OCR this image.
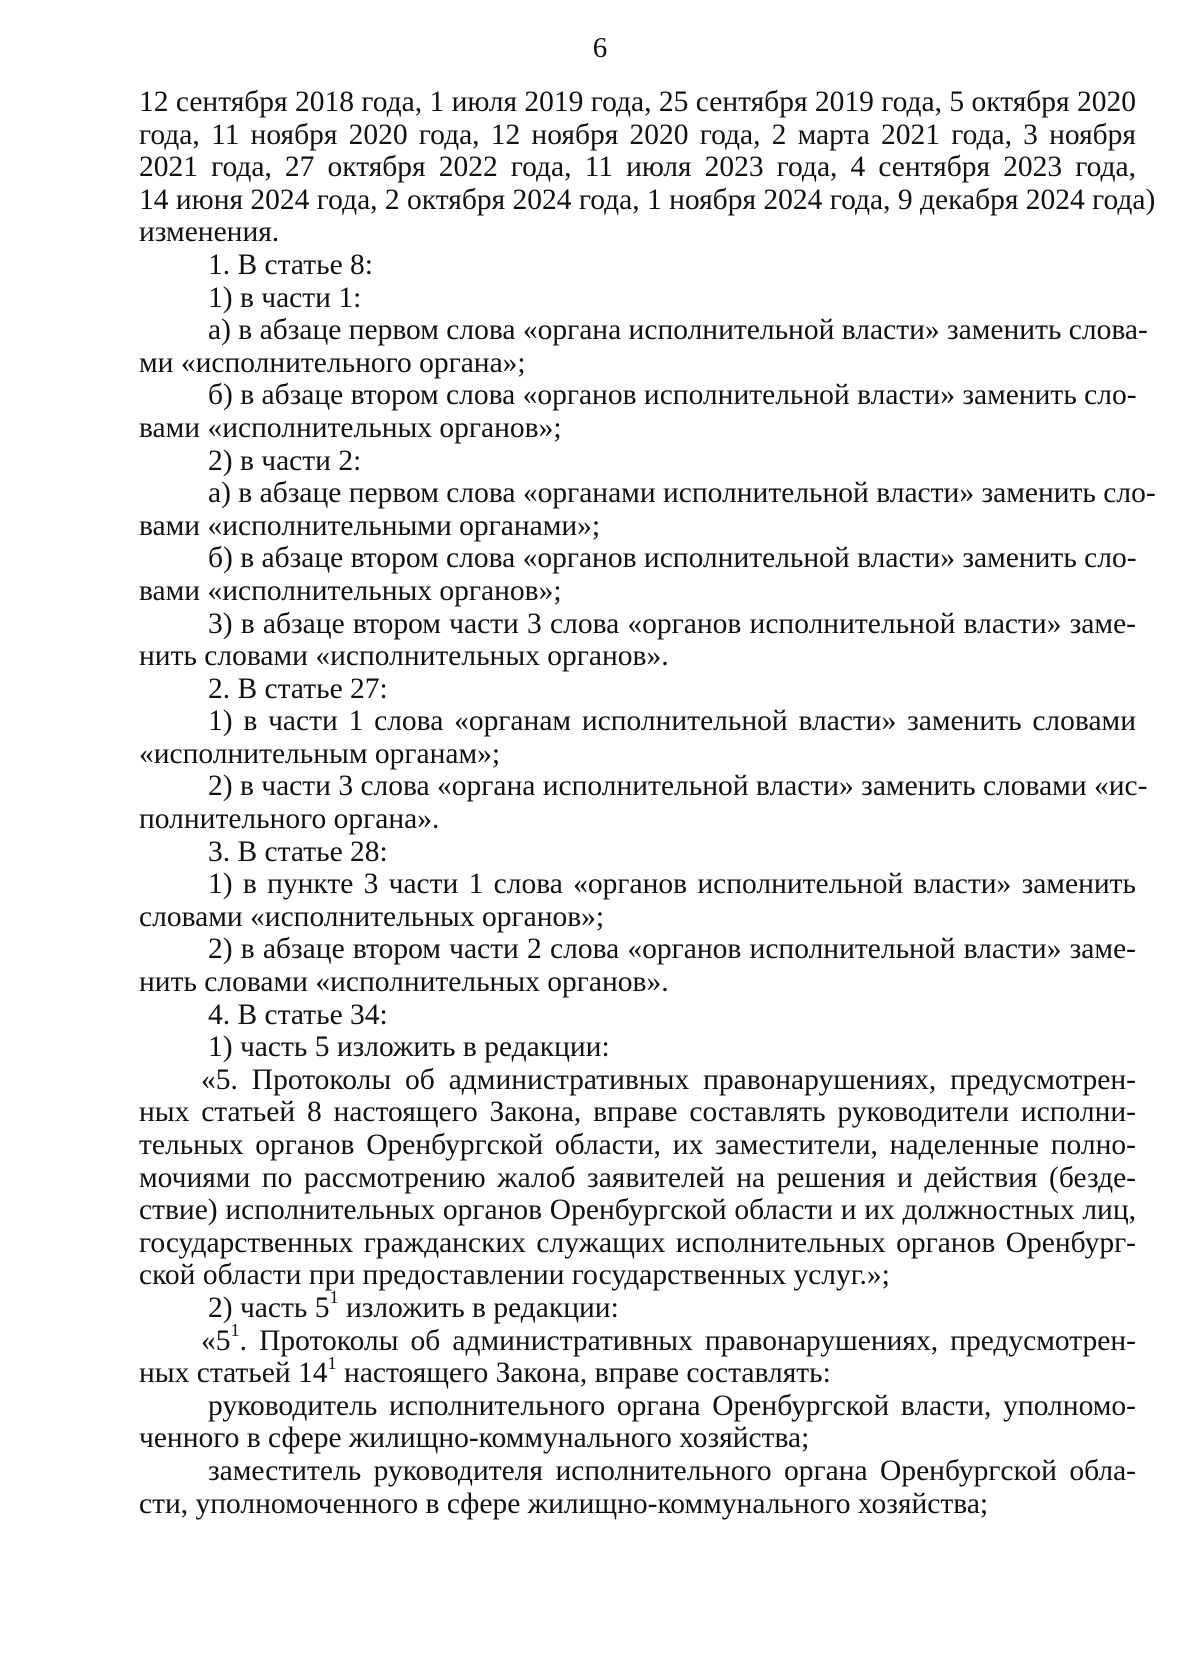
6
12 сентября 2018 года, 1 июля 2019 года, 25 сентября 2019 года, 5 октября 2020
года, 11 ноября 2020 года, 12 ноября 2020 года, 2 марта 2021 года, 3 ноября
2021 года, 27 октября 2022 года, 11 июля 2023 года, 4 сентября 2023 года,
14 июня 2024 года, 2 октября 2024 года, 1 ноября 2024 года, 9 декабря 2024 года)
изменения.
1. В статье 8:
1) в части 1:
а) в абзаце первом слова «органа исполнительной власти» заменить слова-
ми «исполнительного органа»;
б) в абзаце втором слова «органов исполнительной власти» заменить сло-
вами «исполнительных органов»;
2) в части 2:
а) в абзаце первом слова «органами исполнительной власти» заменить сло-
вами «исполнительными органами»;
б) в абзаце втором слова «органов исполнительной власти» заменить сло-
вами «исполнительных органов»;
3) в абзаце втором части 3 слова «органов исполнительной власти» заме-
нить словами «исполнительных органов».
2. В статье 27:
1) в части 1 слова «органам исполнительной власти» заменить словами
«исполнительным органам»;
2) в части 3 слова «органа исполнительной власти» заменить словами «ис-
полнительного органа».
3. В статье 28:
1) в пункте 3 части 1 слова «органов исполнительной власти» заменить
словами «исполнительных органов»;
2) в абзаце втором части 2 слова «органов исполнительной власти» заме-
нить словами «исполнительных органов».
4. В статье 34:
1) часть 5 изложить в редакции:
«5. Протоколы об административных правонарушениях, предусмотрен-
ных статьей 8 настоящего Закона, вправе составлять руководители исполни-
тельных органов Оренбургской области, их заместители, наделенные полно-
мочиями по рассмотрению жалоб заявителей на решения и действия (безде-
ствие) исполнительных органов Оренбургской области и их должностных лиц,
государственных гражданских служащих исполнительных органов Оренбург-
ской области при предоставлении государственных услуг.»;
2) часть $5^1$ изложить в редакции:
«$5^1$. Протоколы об административных правонарушениях, предусмотрен-
ных статьей $14^1$ настоящего Закона, вправе составлять:
руководитель исполнительного органа Оренбургской власти, уполномо-
ченного в сфере жилищно-коммунального хозяйства;
заместитель руководителя исполнительного органа Оренбургской обла-
сти, уполномоченного в сфере жилищно-коммунального хозяйства;
